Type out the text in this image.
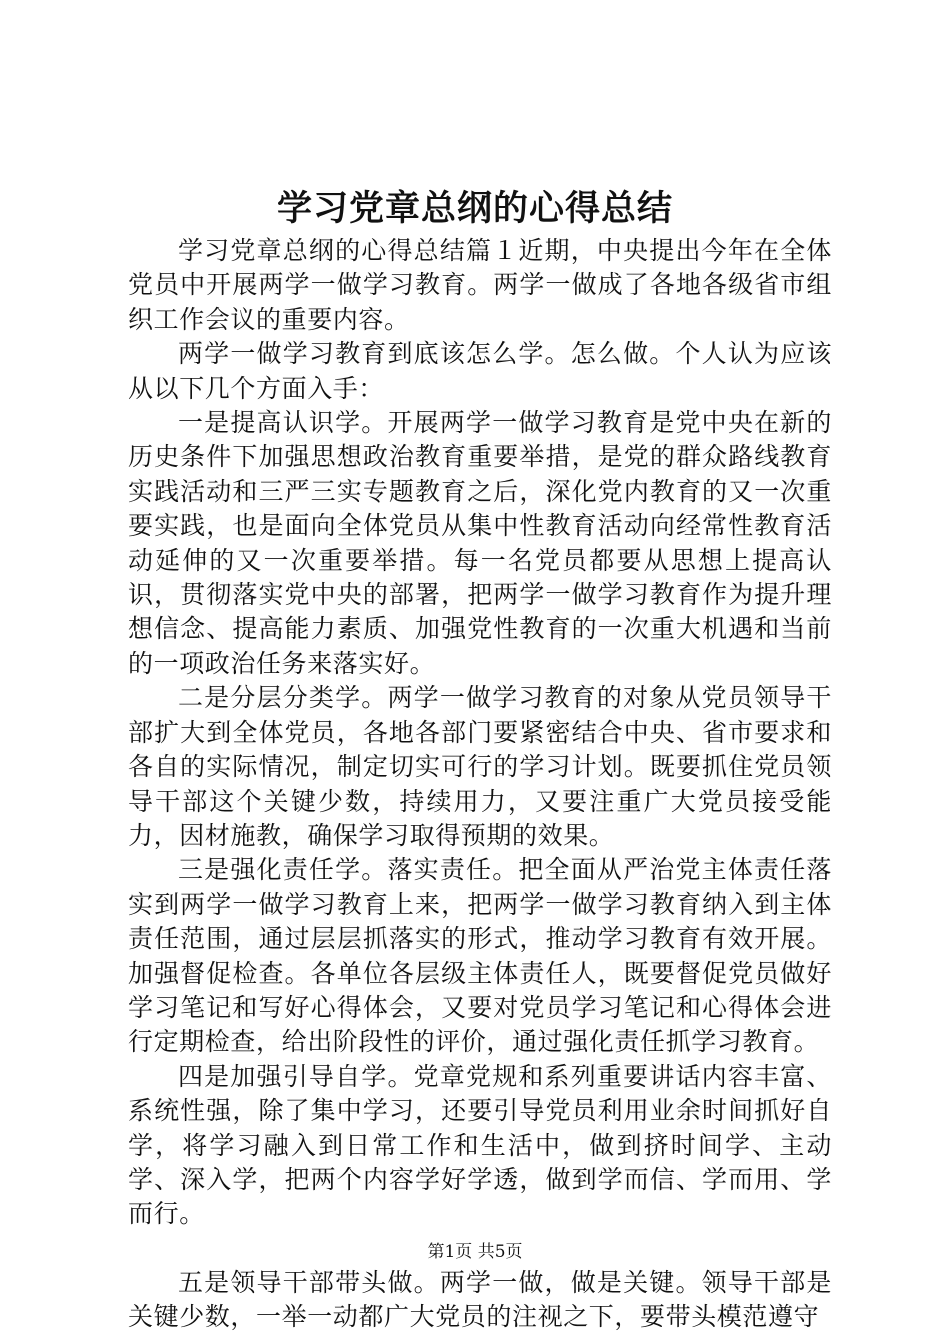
学习党章总纲的心得总结

学习党章总纲的心得总结篇１近期，中央提出今年在全体党员中开展两学一做学习教育。两学一做成了各地各级省市组织工作会议的重要内容。

两学一做学习教育到底该怎么学。怎么做。个人认为应该从以下几个方面入手：

一是提高认识学。开展两学一做学习教育是党中央在新的历史条件下加强思想政治教育重要举措，是党的群众路线教育实践活动和三严三实专题教育之后，深化党内教育的又一次重要实践，也是面向全体党员从集中性教育活动向经常性教育活动延伸的又一次重要举措。每一名党员都要从思想上提高认识，贯彻落实党中央的部署，把两学一做学习教育作为提升理想信念、提高能力素质、加强党性教育的一次重大机遇和当前的一项政治任务来落实好。

二是分层分类学。两学一做学习教育的对象从党员领导干部扩大到全体党员，各地各部门要紧密结合中央、省市要求和各自的实际情况，制定切实可行的学习计划。既要抓住党员领导干部这个关键少数，持续用力，又要注重广大党员接受能力，因材施教，确保学习取得预期的效果。

三是强化责任学。落实责任。把全面从严治党主体责任落实到两学一做学习教育上来，把两学一做学习教育纳入到主体责任范围，通过层层抓落实的形式，推动学习教育有效开展。加强督促检查。各单位各层级主体责任人，既要督促党员做好学习笔记和写好心得体会，又要对党员学习笔记和心得体会进行定期检查，给出阶段性的评价，通过强化责任抓学习教育。

四是加强引导自学。党章党规和系列重要讲话内容丰富、系统性强，除了集中学习，还要引导党员利用业余时间抓好自学，将学习融入到日常工作和生活中，做到挤时间学、主动学、深入学，把两个内容学好学透，做到学而信、学而用、学而行。

五是领导干部带头做。两学一做，做是关键。领导干部是关键少数，一举一动都广大党员的注视之下，要带头模范遵守

第1页 共5页
